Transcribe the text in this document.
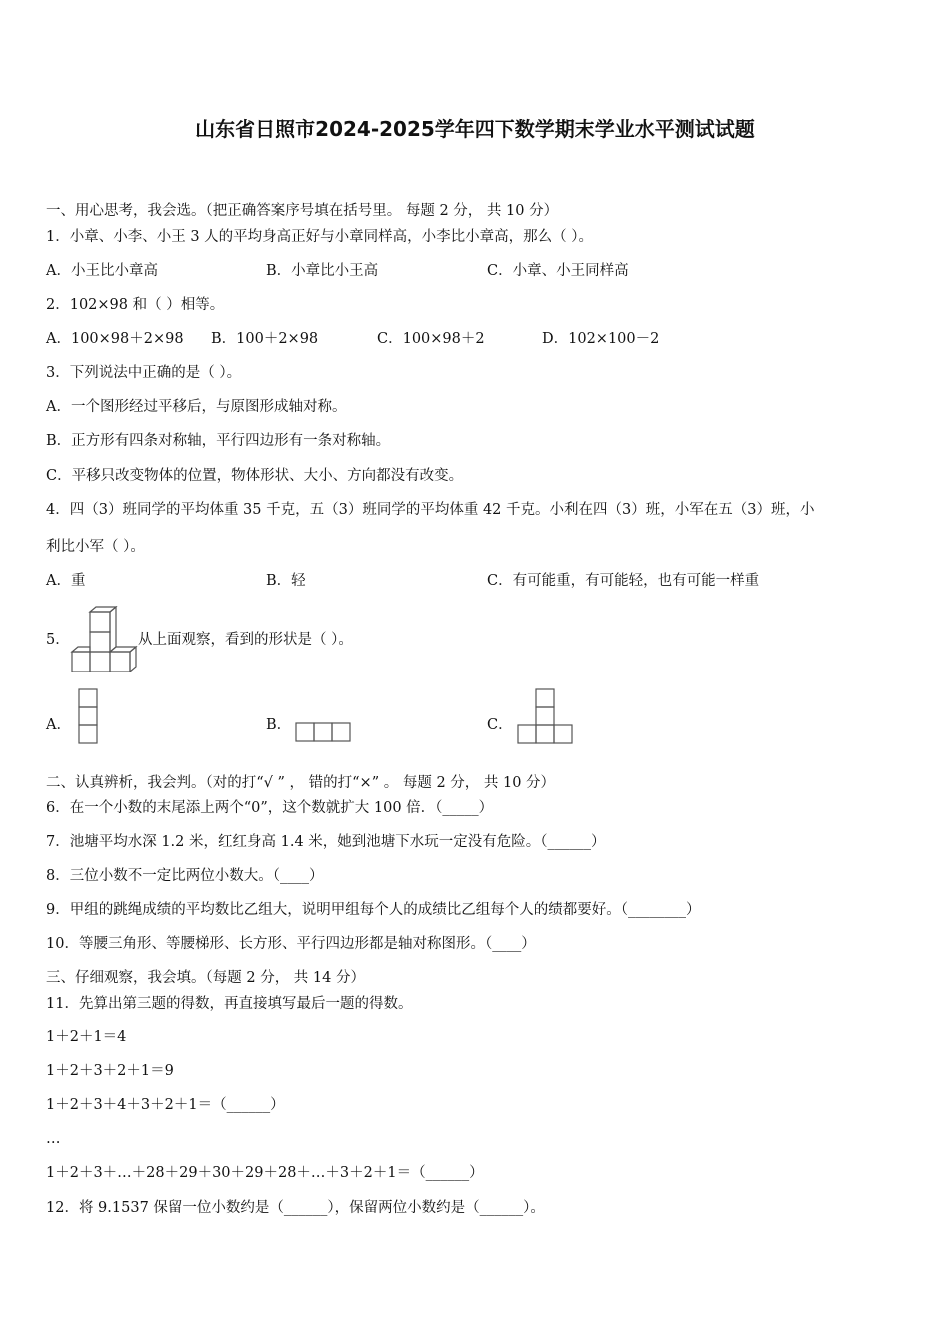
山东省日照市2024-2025学年四下数学期末学业水平测试试题
一、用心思考，我会选。（把正确答案序号填在括号里。 每题 2 分， 共 10 分）
1．小章、小李、小王 3 人的平均身高正好与小章同样高，小李比小章高，那么（ ）。
A．小王比小章高	B．小章比小王高	C．小章、小王同样高
2．102×98 和（ ）相等。
A．100×98＋2×98 B．100＋2×98	C．100×98＋2	D．102×100－2
3．下列说法中正确的是（ ）。
A．一个图形经过平移后，与原图形成轴对称。
B．正方形有四条对称轴，平行四边形有一条对称轴。
C．平移只改变物体的位置，物体形状、大小、方向都没有改变。
4．四（3）班同学的平均体重 35 千克，五（3）班同学的平均体重 42 千克。小利在四（3）班，小军在五（3）班，小
利比小军（ ）。
A．重	B．轻	C．有可能重，有可能轻，也有可能一样重
5．	从上面观察，看到的形状是（ ）。
A．	B．	C．
二、认真辨析，我会判。（对的打“√ ” ， 错的打“×” 。 每题 2 分， 共 10 分）
6．在一个小数的末尾添上两个“0”，这个数就扩大 100 倍．（_____）
7．池塘平均水深 1.2 米，红红身高 1.4 米，她到池塘下水玩一定没有危险。（______）
8．三位小数不一定比两位小数大。（____）
9．甲组的跳绳成绩的平均数比乙组大，说明甲组每个人的成绩比乙组每个人的绩都要好。（________）
10．等腰三角形、等腰梯形、长方形、平行四边形都是轴对称图形。（____）
三、仔细观察，我会填。（每题 2 分， 共 14 分）
11．先算出第三题的得数，再直接填写最后一题的得数。
1＋2＋1＝4
1＋2＋3＋2＋1＝9
1＋2＋3＋4＋3＋2＋1＝（______）
…
1＋2＋3＋…＋28＋29＋30＋29＋28＋…＋3＋2＋1＝（______）
12．将 9.1537 保留一位小数约是（______），保留两位小数约是（______）。
